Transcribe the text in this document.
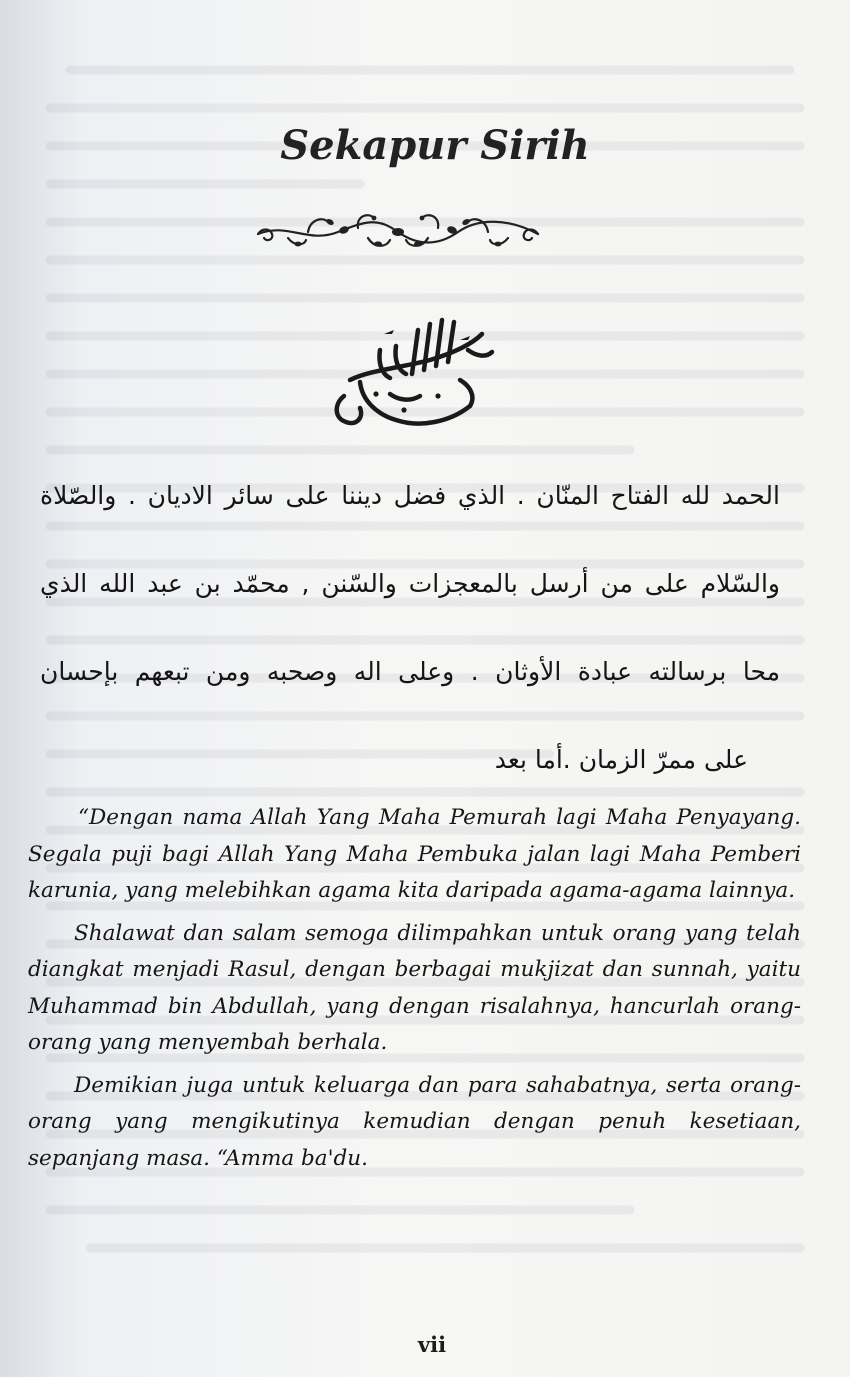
Sekapur Sirih
الحمد لله الفتاح المنّان . الذي فضل ديننا على سائر الاديان . والصّلاة
والسّلام على من أرسل بالمعجزات والسّنن , محمّد بن عبد الله الذي
محا برسالته عبادة الأوثان . وعلى اله وصحبه ومن تبعهم بإحسان
على ممرّ الزمان .أما بعد

“Dengan nama Allah Yang Maha Pemurah lagi Maha Penyayang. Segala puji bagi Allah Yang Maha Pembuka jalan lagi Maha Pemberi karunia, yang melebihkan agama kita daripada agama-agama lainnya.

Shalawat dan salam semoga dilimpahkan untuk orang yang telah diangkat menjadi Rasul, dengan berbagai mukjizat dan sunnah, yaitu Muhammad bin Abdullah, yang dengan risalahnya, hancurlah orang-orang yang menyembah berhala.

Demikian juga untuk keluarga dan para sahabatnya, serta orang-orang yang mengikutinya kemudian dengan penuh kesetiaan, sepanjang masa. “Amma ba'du.

vii
